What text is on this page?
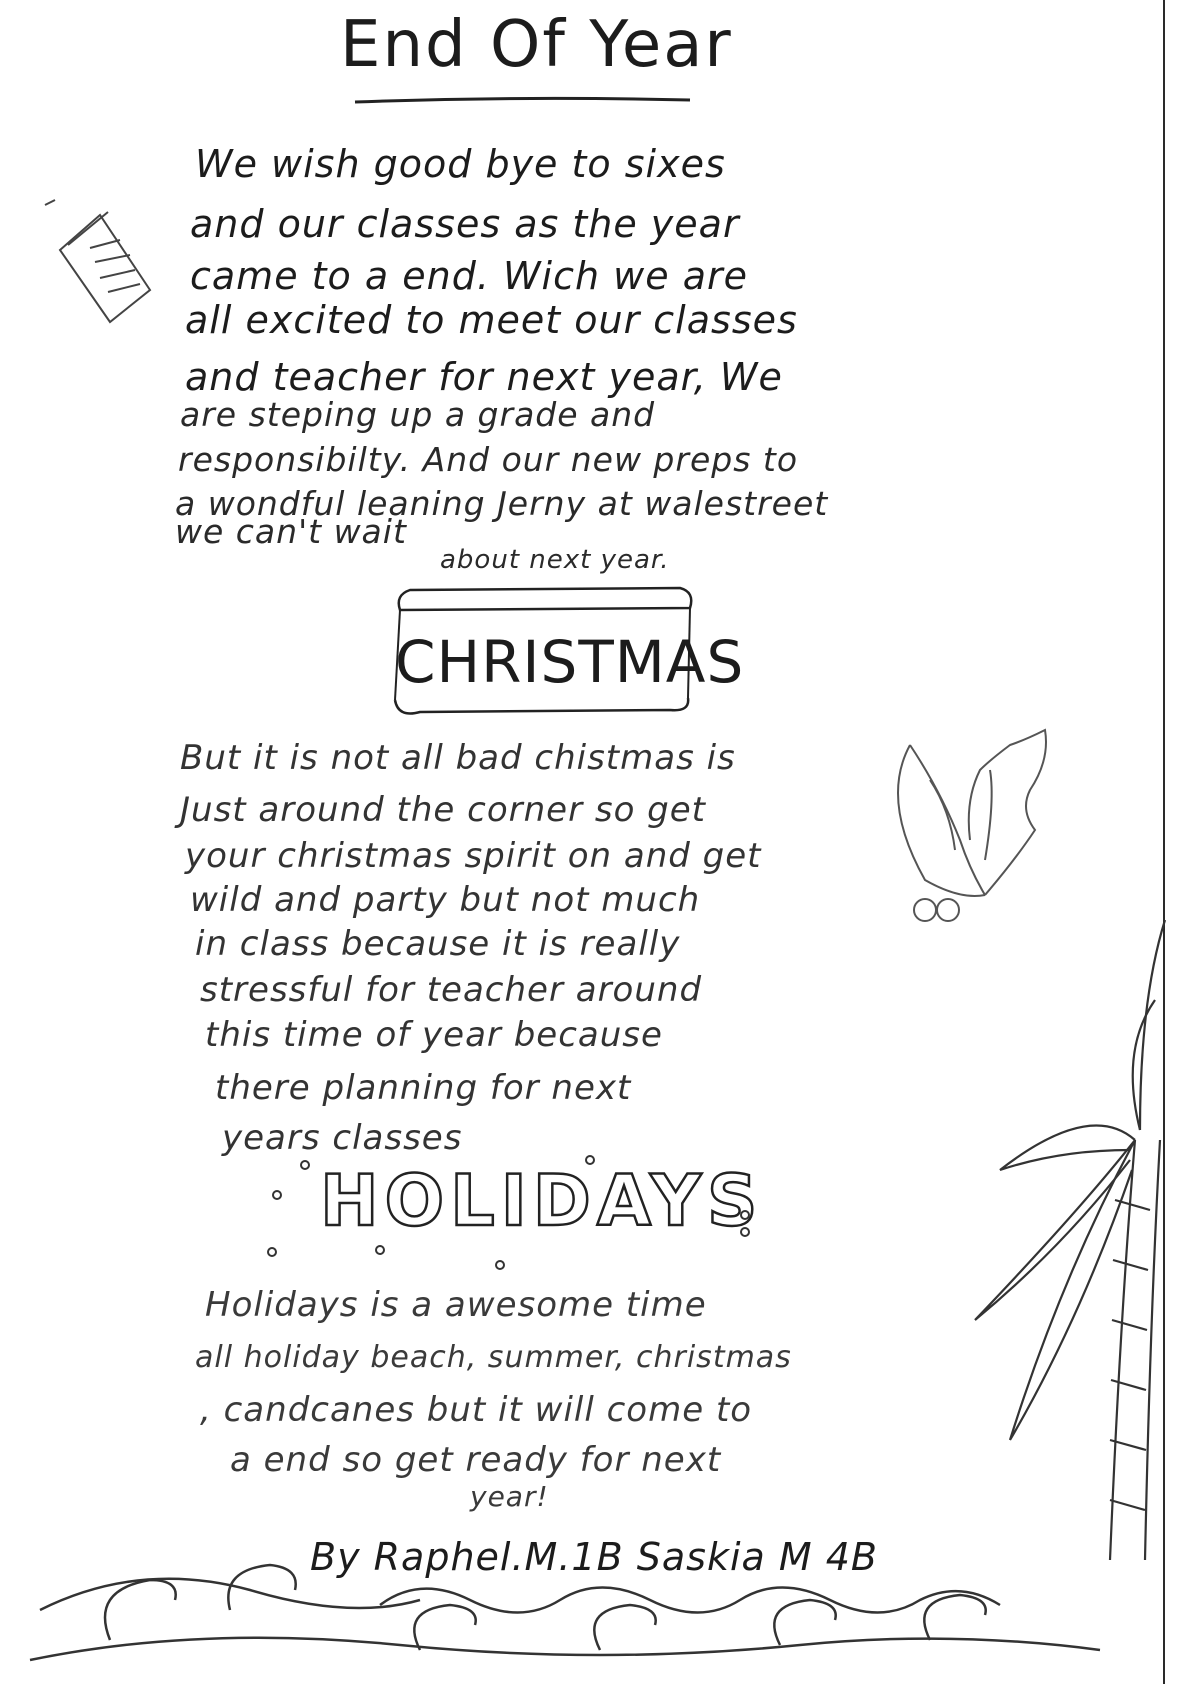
End Of Year
We wish good bye to sixes
and our classes as the year
came to a end. Wich we are
all excited to meet our classes
and teacher for next year, We
are steping up a grade and
responsibilty. And our new preps to
a wondful leaning Jerny at walestreet
we can't wait
about next year.
CHRISTMAS
But it is not all bad chistmas is
Just around the corner so get
your christmas spirit on and get
wild and party but not much
in class because it is really
stressful for teacher around
this time of year because
there planning for next
years classes
HOLIDAYS
Holidays is a awesome time
all holiday beach, summer, christmas
, candcanes but it will come to
a end so get ready for next
year!
By Raphel.M.1B Saskia M 4B
